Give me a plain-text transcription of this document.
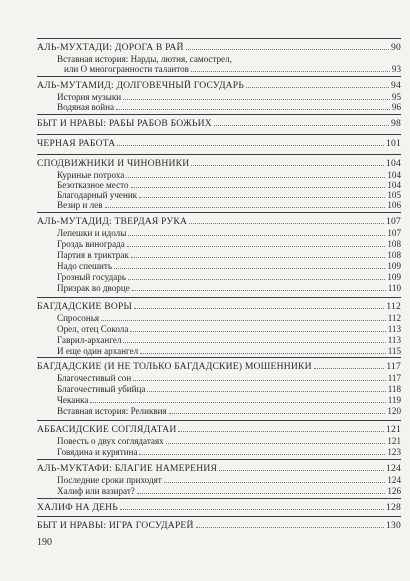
АЛЬ-МУХТАДИ: ДОРОГА В РАЙ	90
Вставная история: Нарды, лютня, самострел,
или О многогранности талантов	93
АЛЬ-МУТАМИД: ДОЛГОВЕЧНЫЙ ГОСУДАРЬ	94
История музыки	95
Водяная война	96
БЫТ И НРАВЫ: РАБЫ РАБОВ БОЖЬИХ	98
ЧЕРНАЯ РАБОТА	101
СПОДВИЖНИКИ И ЧИНОВНИКИ	104
Куриные потроха	104
Безотказное место	104
Благодарный ученик	105
Везир и лев	106
АЛЬ-МУТАДИД: ТВЕРДАЯ РУКА	107
Лепешки и идолы	107
Гроздь винограда	108
Партия в триктрак	108
Надо спешить	109
Грозный государь	109
Призрак во дворце	110
БАГДАДСКИЕ ВОРЫ	112
Спросонья	112
Орел, отец Сокола	113
Гаврил-архангел	113
И еще один архангел	115
БАГДАДСКИЕ (И НЕ ТОЛЬКО БАГДАДСКИЕ) МОШЕННИКИ	117
Благочестивый сон	117
Благочестивый убийца	118
Чеканка	119
Вставная история: Реликвия	120
АББАСИДСКИЕ СОГЛЯДАТАИ	121
Повесть о двух соглядатаях	121
Говядина и курятина	123
АЛЬ-МУКТАФИ: БЛАГИЕ НАМЕРЕНИЯ	124
Последние сроки приходят	124
Халиф или вазират?	126
ХАЛИФ НА ДЕНЬ	128
БЫТ И НРАВЫ: ИГРА ГОСУДАРЕЙ	130
190
